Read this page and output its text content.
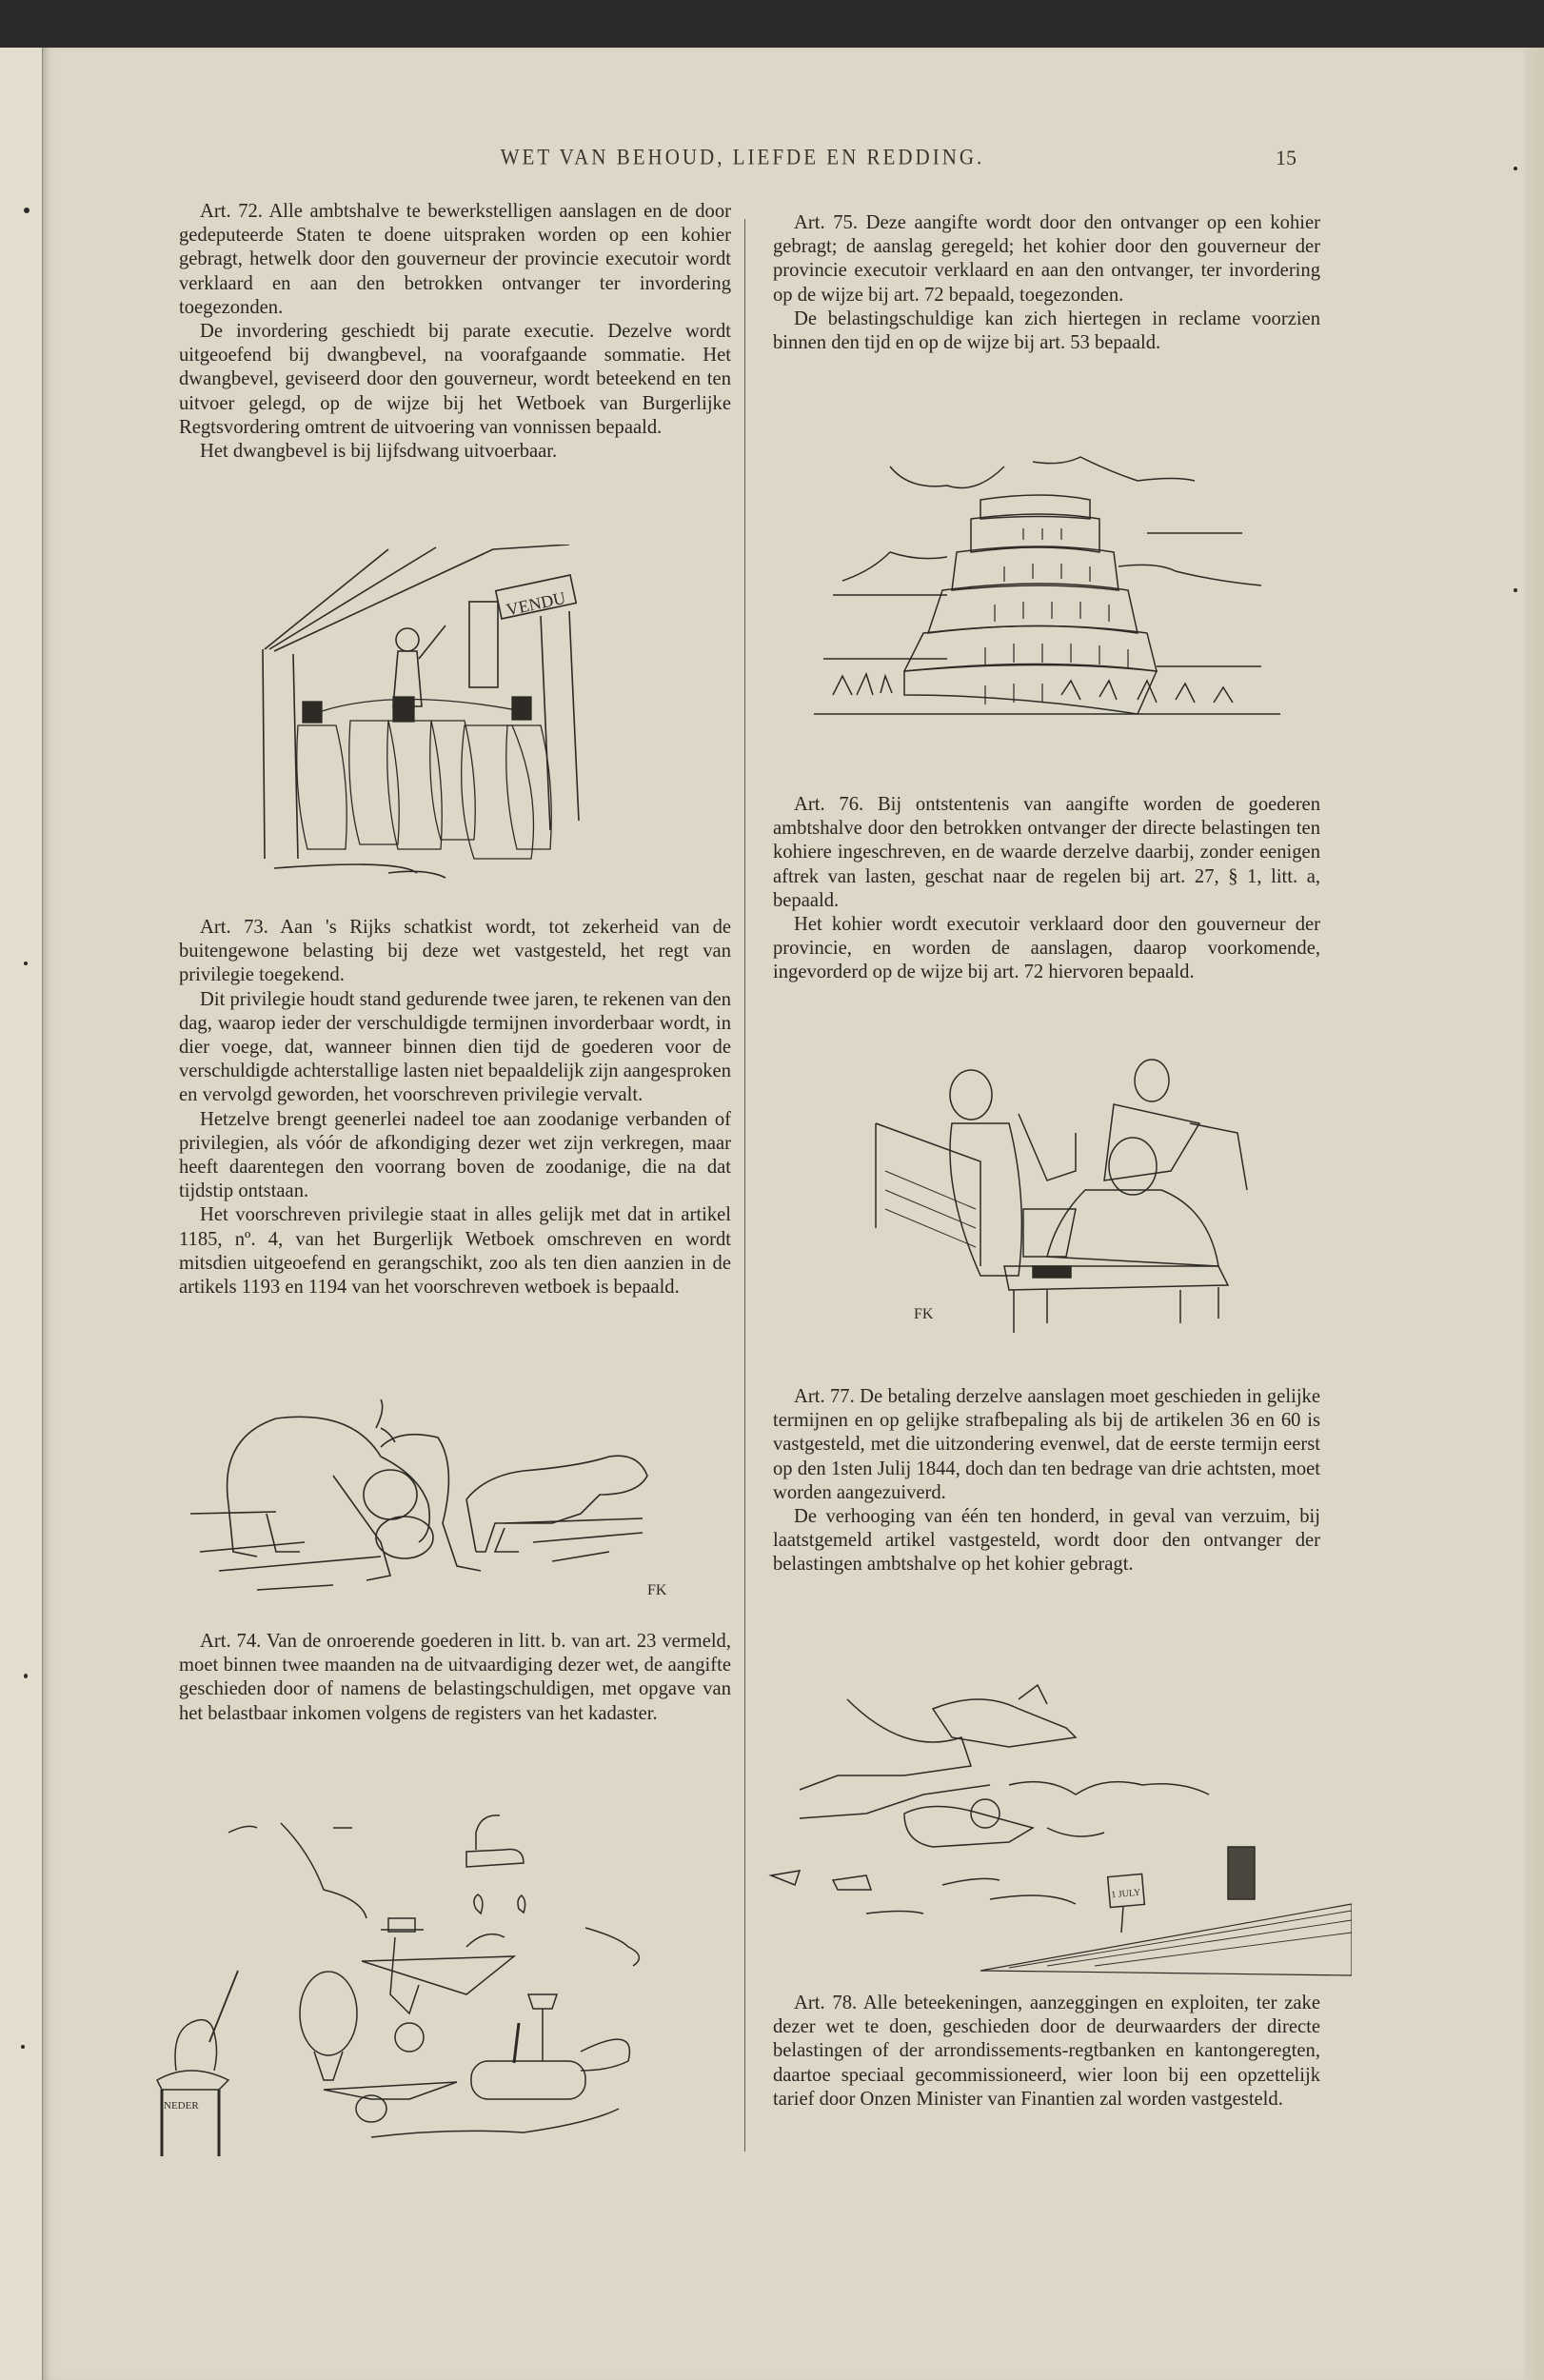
WET VAN BEHOUD, LIEFDE EN REDDING.	15

Art. 72. Alle ambtshalve te bewerkstelligen aanslagen en de door gedeputeerde Staten te doene uitspraken worden op een kohier gebragt, hetwelk door den gouverneur der provincie executoir wordt verklaard en aan den betrokken ontvanger ter invordering toegezonden.

De invordering geschiedt bij parate executie. Dezelve wordt uitgeoefend bij dwangbevel, na voorafgaande sommatie. Het dwangbevel, geviseerd door den gouverneur, wordt beteekend en ten uitvoer gelegd, op de wijze bij het Wetboek van Burgerlijke Regtsvordering omtrent de uitvoering van vonnissen bepaald.

Het dwangbevel is bij lijfsdwang uitvoerbaar.

VENDU

Art. 73. Aan 's Rijks schatkist wordt, tot zekerheid van de buitengewone belasting bij deze wet vastgesteld, het regt van privilegie toegekend.

Dit privilegie houdt stand gedurende twee jaren, te rekenen van den dag, waarop ieder der verschuldigde termijnen invorderbaar wordt, in dier voege, dat, wanneer binnen dien tijd de goederen voor de verschuldigde achterstallige lasten niet bepaaldelijk zijn aangesproken en vervolgd geworden, het voorschreven privilegie vervalt.

Hetzelve brengt geenerlei nadeel toe aan zoodanige verbanden of privilegien, als vóór de afkondiging dezer wet zijn verkregen, maar heeft daarentegen den voorrang boven de zoodanige, die na dat tijdstip ontstaan.

Het voorschreven privilegie staat in alles gelijk met dat in artikel 1185, nº. 4, van het Burgerlijk Wetboek omschreven en wordt mitsdien uitgeoefend en gerangschikt, zoo als ten dien aanzien in de artikels 1193 en 1194 van het voorschreven wetboek is bepaald.

FK

Art. 74. Van de onroerende goederen in litt. b. van art. 23 vermeld, moet binnen twee maanden na de uitvaardiging dezer wet, de aangifte geschieden door of namens de belastingschuldigen, met opgave van het belastbaar inkomen volgens de registers van het kadaster.

NEDER

Art. 75. Deze aangifte wordt door den ontvanger op een kohier gebragt; de aanslag geregeld; het kohier door den gouverneur der provincie executoir verklaard en aan den ontvanger, ter invordering op de wijze bij art. 72 bepaald, toegezonden.

De belastingschuldige kan zich hiertegen in reclame voorzien binnen den tijd en op de wijze bij art. 53 bepaald.

Art. 76. Bij ontstentenis van aangifte worden de goederen ambtshalve door den betrokken ontvanger der directe belastingen ten kohiere ingeschreven, en de waarde derzelve daarbij, zonder eenigen aftrek van lasten, geschat naar de regelen bij art. 27, § 1, litt. a, bepaald.

Het kohier wordt executoir verklaard door den gouverneur der provincie, en worden de aanslagen, daarop voorkomende, ingevorderd op de wijze bij art. 72 hiervoren bepaald.

FK

Art. 77. De betaling derzelve aanslagen moet geschieden in gelijke termijnen en op gelijke strafbepaling als bij de artikelen 36 en 60 is vastgesteld, met die uitzondering evenwel, dat de eerste termijn eerst op den 1sten Julij 1844, doch dan ten bedrage van drie achtsten, moet worden aangezuiverd.

De verhooging van één ten honderd, in geval van verzuim, bij laatstgemeld artikel vastgesteld, wordt door den ontvanger der belastingen ambtshalve op het kohier gebragt.

1 JULY

Art. 78. Alle beteekeningen, aanzeggingen en exploiten, ter zake dezer wet te doen, geschieden door de deurwaarders der directe belastingen of der arrondissements-regtbanken en kantongeregten, daartoe speciaal gecommissioneerd, wier loon bij een opzettelijk tarief door Onzen Minister van Finantien zal worden vastgesteld.
